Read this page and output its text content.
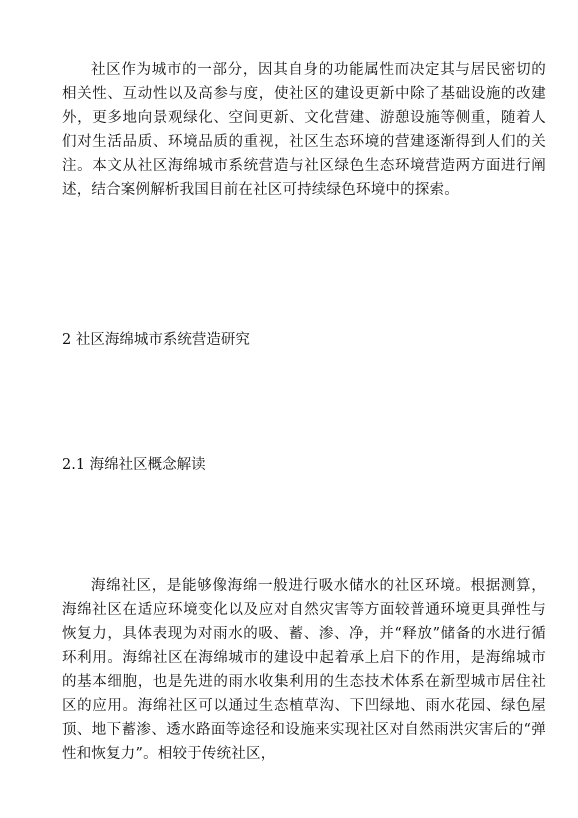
社区作为城市的一部分，因其自身的功能属性而决定其与居民密切的相关性、互动性以及高参与度，使社区的建设更新中除了基础设施的改建外，更多地向景观绿化、空间更新、文化营建、游憩设施等侧重，随着人们对生活品质、环境品质的重视，社区生态环境的营建逐渐得到人们的关注。本文从社区海绵城市系统营造与社区绿色生态环境营造两方面进行阐述，结合案例解析我国目前在社区可持续绿色环境中的探索。

2 社区海绵城市系统营造研究
2.1 海绵社区概念解读

海绵社区，是能够像海绵一般进行吸水储水的社区环境。根据测算，海绵社区在适应环境变化以及应对自然灾害等方面较普通环境更具弹性与恢复力，具体表现为对雨水的吸、蓄、渗、净，并“释放”储备的水进行循环利用。海绵社区在海绵城市的建设中起着承上启下的作用，是海绵城市的基本细胞，也是先进的雨水收集利用的生态技术体系在新型城市居住社区的应用。海绵社区可以通过生态植草沟、下凹绿地、雨水花园、绿色屋顶、地下蓄渗、透水路面等途径和设施来实现社区对自然雨洪灾害后的“弹性和恢复力”。相较于传统社区，
